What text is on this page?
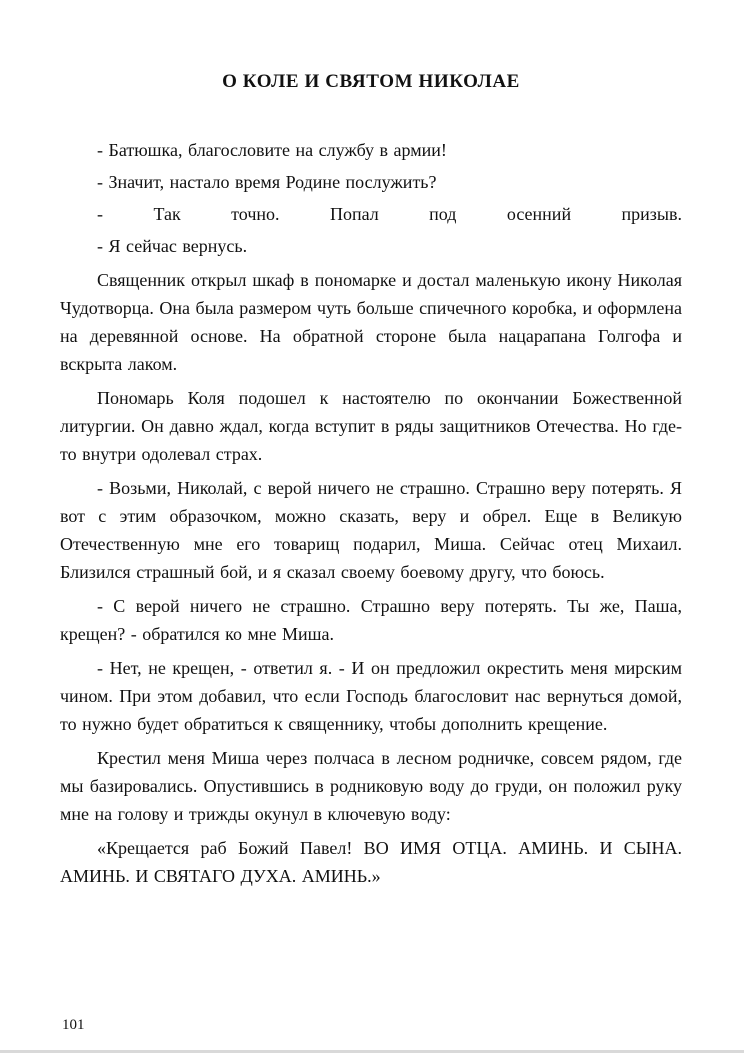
О КОЛЕ И СВЯТОМ НИКОЛАЕ

- Батюшка, благословите на службу в армии!

- Значит, настало время Родине послужить?

- Так точно. Попал под осенний призыв.

- Я сейчас вернусь.

Священник открыл шкаф в пономарке и достал маленькую икону Николая Чудотворца. Она была размером чуть больше спичечного коробка, и оформлена на деревянной основе. На обратной стороне была нацарапана Голгофа и вскрыта лаком.

Пономарь Коля подошел к настоятелю по окончании Божественной литургии. Он давно ждал, когда вступит в ряды защитников Отечества. Но где-то внутри одолевал страх.

- Возьми, Николай, с верой ничего не страшно. Страшно веру потерять. Я вот с этим образочком, можно сказать, веру и обрел. Еще в Великую Отечественную мне его товарищ подарил, Миша. Сейчас отец Михаил. Близился страшный бой, и я сказал своему боевому другу, что боюсь.

- С верой ничего не страшно. Страшно веру потерять. Ты же, Паша, крещен? - обратился ко мне Миша.

- Нет, не крещен, - ответил я. - И он предложил окрестить меня мирским чином. При этом добавил, что если Господь благословит нас вернуться домой, то нужно будет обратиться к священнику, чтобы дополнить крещение.

Крестил меня Миша через полчаса в лесном родничке, совсем рядом, где мы базировались. Опустившись в родниковую воду до груди, он положил руку мне на голову и трижды окунул в ключевую воду:

«Крещается раб Божий Павел! ВО ИМЯ ОТЦА. АМИНЬ. И СЫНА. АМИНЬ. И СВЯТАГО ДУХА. АМИНЬ.»

101
